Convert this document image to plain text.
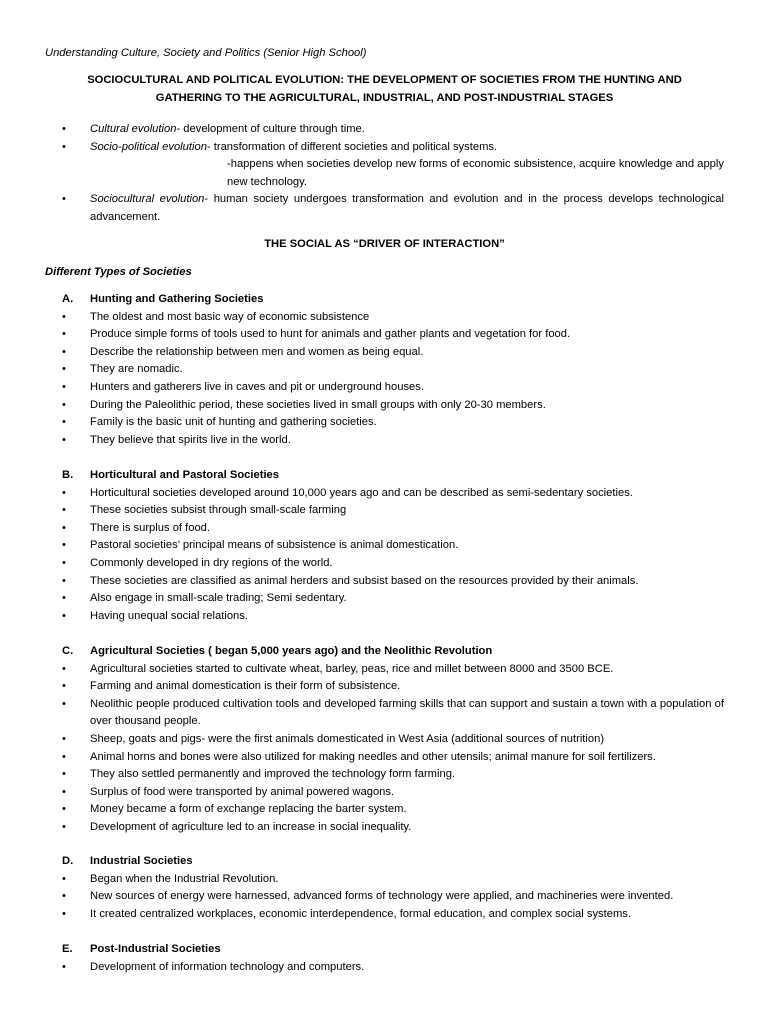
Understanding Culture, Society and Politics (Senior High School)
SOCIOCULTURAL AND POLITICAL EVOLUTION: THE DEVELOPMENT OF SOCIETIES FROM THE HUNTING AND
GATHERING TO THE AGRICULTURAL, INDUSTRIAL, AND POST-INDUSTRIAL STAGES
• Cultural evolution- development of culture through time.
• Socio-political evolution- transformation of different societies and political systems.
-happens when societies develop new forms of economic subsistence, acquire knowledge and apply new technology.
• Sociocultural evolution- human society undergoes transformation and evolution and in the process develops technological advancement.
THE SOCIAL AS “DRIVER OF INTERACTION”
Different Types of Societies
A. Hunting and Gathering Societies
• The oldest and most basic way of economic subsistence
• Produce simple forms of tools used to hunt for animals and gather plants and vegetation for food.
• Describe the relationship between men and women as being equal.
• They are nomadic.
• Hunters and gatherers live in caves and pit or underground houses.
• During the Paleolithic period, these societies lived in small groups with only 20-30 members.
• Family is the basic unit of hunting and gathering societies.
• They believe that spirits live in the world.
B. Horticultural and Pastoral Societies
• Horticultural societies developed around 10,000 years ago and can be described as semi-sedentary societies.
• These societies subsist through small-scale farming
• There is surplus of food.
• Pastoral societies’ principal means of subsistence is animal domestication.
• Commonly developed in dry regions of the world.
• These societies are classified as animal herders and subsist based on the resources provided by their animals.
• Also engage in small-scale trading; Semi sedentary.
• Having unequal social relations.
C. Agricultural Societies ( began 5,000 years ago) and the Neolithic Revolution
• Agricultural societies started to cultivate wheat, barley, peas, rice and millet between 8000 and 3500 BCE.
• Farming and animal domestication is their form of subsistence.
• Neolithic people produced cultivation tools and developed farming skills that can support and sustain a town with a population of over thousand people.
• Sheep, goats and pigs- were the first animals domesticated in West Asia (additional sources of nutrition)
• Animal horns and bones were also utilized for making needles and other utensils; animal manure for soil fertilizers.
• They also settled permanently and improved the technology form farming.
• Surplus of food were transported by animal powered wagons.
• Money became a form of exchange replacing the barter system.
• Development of agriculture led to an increase in social inequality.
D. Industrial Societies
• Began when the Industrial Revolution.
• New sources of energy were harnessed, advanced forms of technology were applied, and machineries were invented.
• It created centralized workplaces, economic interdependence, formal education, and complex social systems.
E. Post-Industrial Societies
• Development of information technology and computers.
